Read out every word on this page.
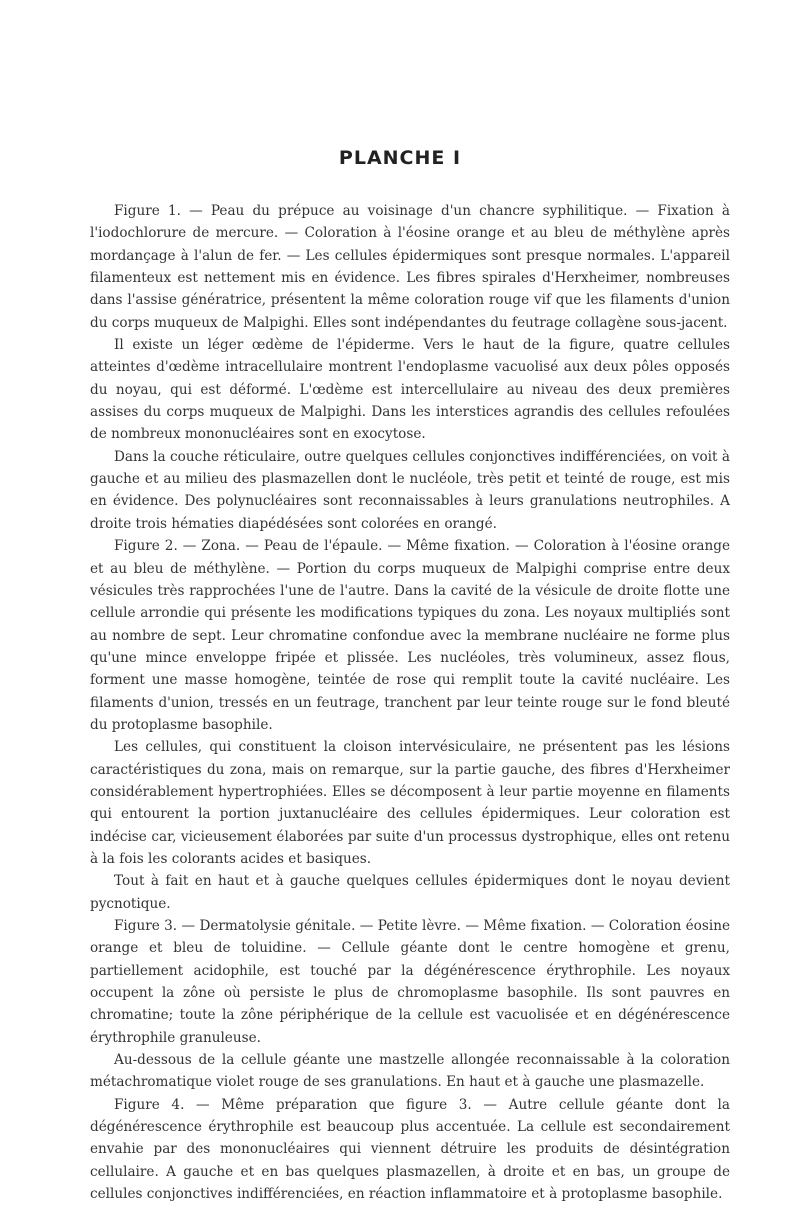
PLANCHE I

Figure 1. — Peau du prépuce au voisinage d'un chancre syphilitique. — Fixation à l'iodochlorure de mercure. — Coloration à l'éosine orange et au bleu de méthylène après mordançage à l'alun de fer. — Les cellules épidermiques sont presque normales. L'appareil filamenteux est nettement mis en évidence. Les fibres spirales d'Herxheimer, nombreuses dans l'assise génératrice, présentent la même coloration rouge vif que les filaments d'union du corps muqueux de Malpighi. Elles sont indépendantes du feutrage collagène sous-jacent.

Il existe un léger œdème de l'épiderme. Vers le haut de la figure, quatre cellules atteintes d'œdème intracellulaire montrent l'endoplasme vacuolisé aux deux pôles opposés du noyau, qui est déformé. L'œdème est intercellulaire au niveau des deux premières assises du corps muqueux de Malpighi. Dans les interstices agrandis des cellules refoulées de nombreux mononucléaires sont en exocytose.

Dans la couche réticulaire, outre quelques cellules conjonctives indifférenciées, on voit à gauche et au milieu des plasmazellen dont le nucléole, très petit et teinté de rouge, est mis en évidence. Des polynucléaires sont reconnaissables à leurs granulations neutrophiles. A droite trois hématies diapédésées sont colorées en orangé.

Figure 2. — Zona. — Peau de l'épaule. — Même fixation. — Coloration à l'éosine orange et au bleu de méthylène. — Portion du corps muqueux de Malpighi comprise entre deux vésicules très rapprochées l'une de l'autre. Dans la cavité de la vésicule de droite flotte une cellule arrondie qui présente les modifications typiques du zona. Les noyaux multipliés sont au nombre de sept. Leur chromatine confondue avec la membrane nucléaire ne forme plus qu'une mince enveloppe fripée et plissée. Les nucléoles, très volumineux, assez flous, forment une masse homogène, teintée de rose qui remplit toute la cavité nucléaire. Les filaments d'union, tressés en un feutrage, tranchent par leur teinte rouge sur le fond bleuté du protoplasme basophile.

Les cellules, qui constituent la cloison intervésiculaire, ne présentent pas les lésions caractéristiques du zona, mais on remarque, sur la partie gauche, des fibres d'Herxheimer considérablement hypertrophiées. Elles se décomposent à leur partie moyenne en filaments qui entourent la portion juxtanucléaire des cellules épidermiques. Leur coloration est indécise car, vicieusement élaborées par suite d'un processus dystrophique, elles ont retenu à la fois les colorants acides et basiques.

Tout à fait en haut et à gauche quelques cellules épidermiques dont le noyau devient pycnotique.

Figure 3. — Dermatolysie génitale. — Petite lèvre. — Même fixation. — Coloration éosine orange et bleu de toluidine. — Cellule géante dont le centre homogène et grenu, partiellement acidophile, est touché par la dégénérescence érythrophile. Les noyaux occupent la zône où persiste le plus de chromoplasme basophile. Ils sont pauvres en chromatine; toute la zône périphérique de la cellule est vacuolisée et en dégénérescence érythrophile granuleuse.

Au-dessous de la cellule géante une mastzelle allongée reconnaissable à la coloration métachromatique violet rouge de ses granulations. En haut et à gauche une plasmazelle.

Figure 4. — Même préparation que figure 3. — Autre cellule géante dont la dégénérescence érythrophile est beaucoup plus accentuée. La cellule est secondairement envahie par des mononucléaires qui viennent détruire les produits de désintégration cellulaire. A gauche et en bas quelques plasmazellen, à droite et en bas, un groupe de cellules conjonctives indifférenciées, en réaction inflammatoire et à protoplasme basophile.
